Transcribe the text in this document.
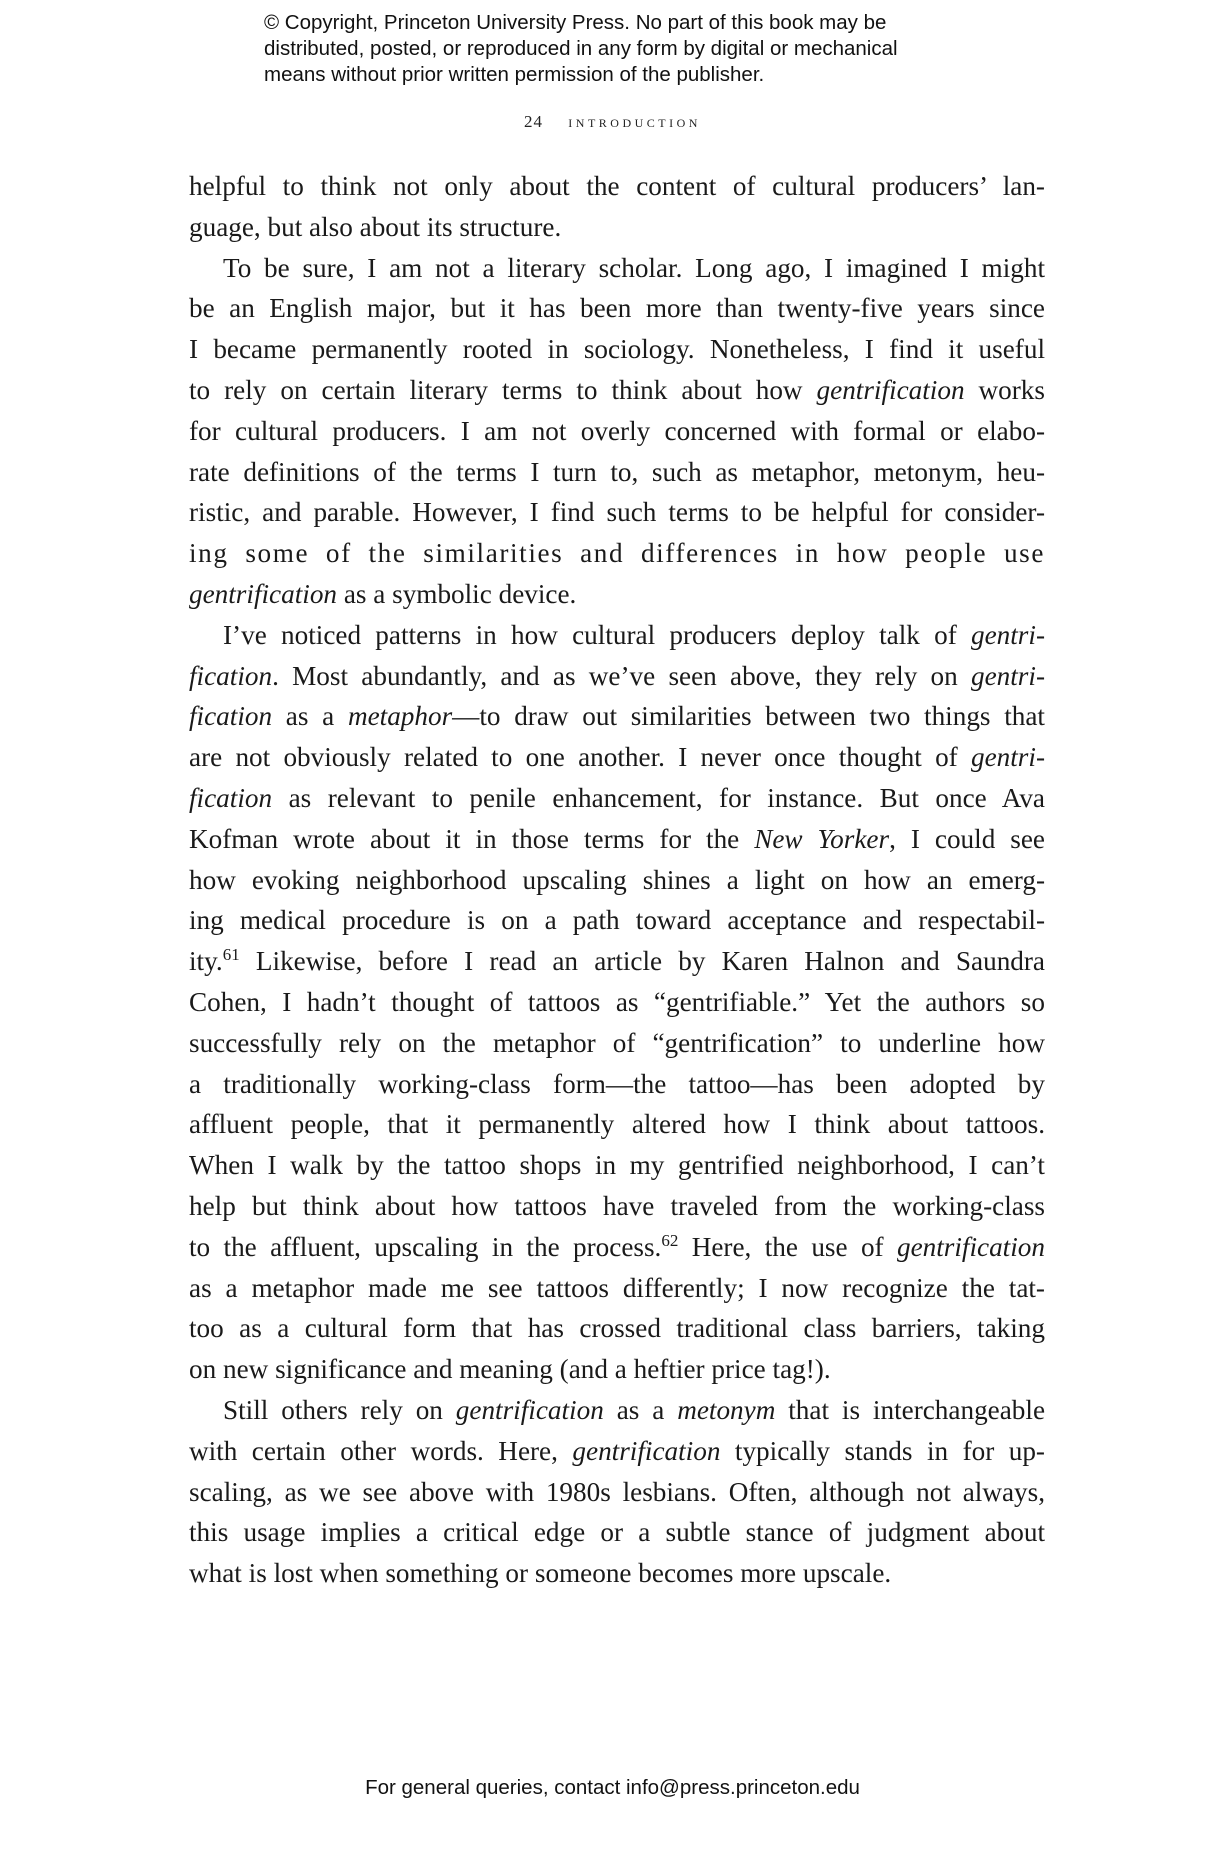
© Copyright, Princeton University Press. No part of this book may be
distributed, posted, or reproduced in any form by digital or mechanical
means without prior written permission of the publisher.
24 introduction
helpful to think not only about the content of cultural producers’ lan-
guage, but also about its structure.
To be sure, I am not a literary scholar. Long ago, I imagined I might
be an English major, but it has been more than twenty-five years since
I became permanently rooted in sociology. Nonetheless, I find it useful
to rely on certain literary terms to think about how gentrification works
for cultural producers. I am not overly concerned with formal or elabo-
rate definitions of the terms I turn to, such as metaphor, metonym, heu-
ristic, and parable. However, I find such terms to be helpful for consider-
ing some of the similarities and differences in how people use
gentrification as a symbolic device.
I’ve noticed patterns in how cultural producers deploy talk of gentri-
fication. Most abundantly, and as we’ve seen above, they rely on gentri-
fication as a metaphor—to draw out similarities between two things that
are not obviously related to one another. I never once thought of gentri-
fication as relevant to penile enhancement, for instance. But once Ava
Kofman wrote about it in those terms for the New Yorker, I could see
how evoking neighborhood upscaling shines a light on how an emerg-
ing medical procedure is on a path toward acceptance and respectabil-
ity.$^{61}$ Likewise, before I read an article by Karen Halnon and Saundra
Cohen, I hadn’t thought of tattoos as “gentrifiable.” Yet the authors so
successfully rely on the metaphor of “gentrification” to underline how
a traditionally working-class form—the tattoo—has been adopted by
affluent people, that it permanently altered how I think about tattoos.
When I walk by the tattoo shops in my gentrified neighborhood, I can’t
help but think about how tattoos have traveled from the working-class
to the affluent, upscaling in the process.$^{62}$ Here, the use of gentrification
as a metaphor made me see tattoos differently; I now recognize the tat-
too as a cultural form that has crossed traditional class barriers, taking
on new significance and meaning (and a heftier price tag!).
Still others rely on gentrification as a metonym that is interchangeable
with certain other words. Here, gentrification typically stands in for up-
scaling, as we see above with 1980s lesbians. Often, although not always,
this usage implies a critical edge or a subtle stance of judgment about
what is lost when something or someone becomes more upscale.
For general queries, contact info@press.princeton.edu
